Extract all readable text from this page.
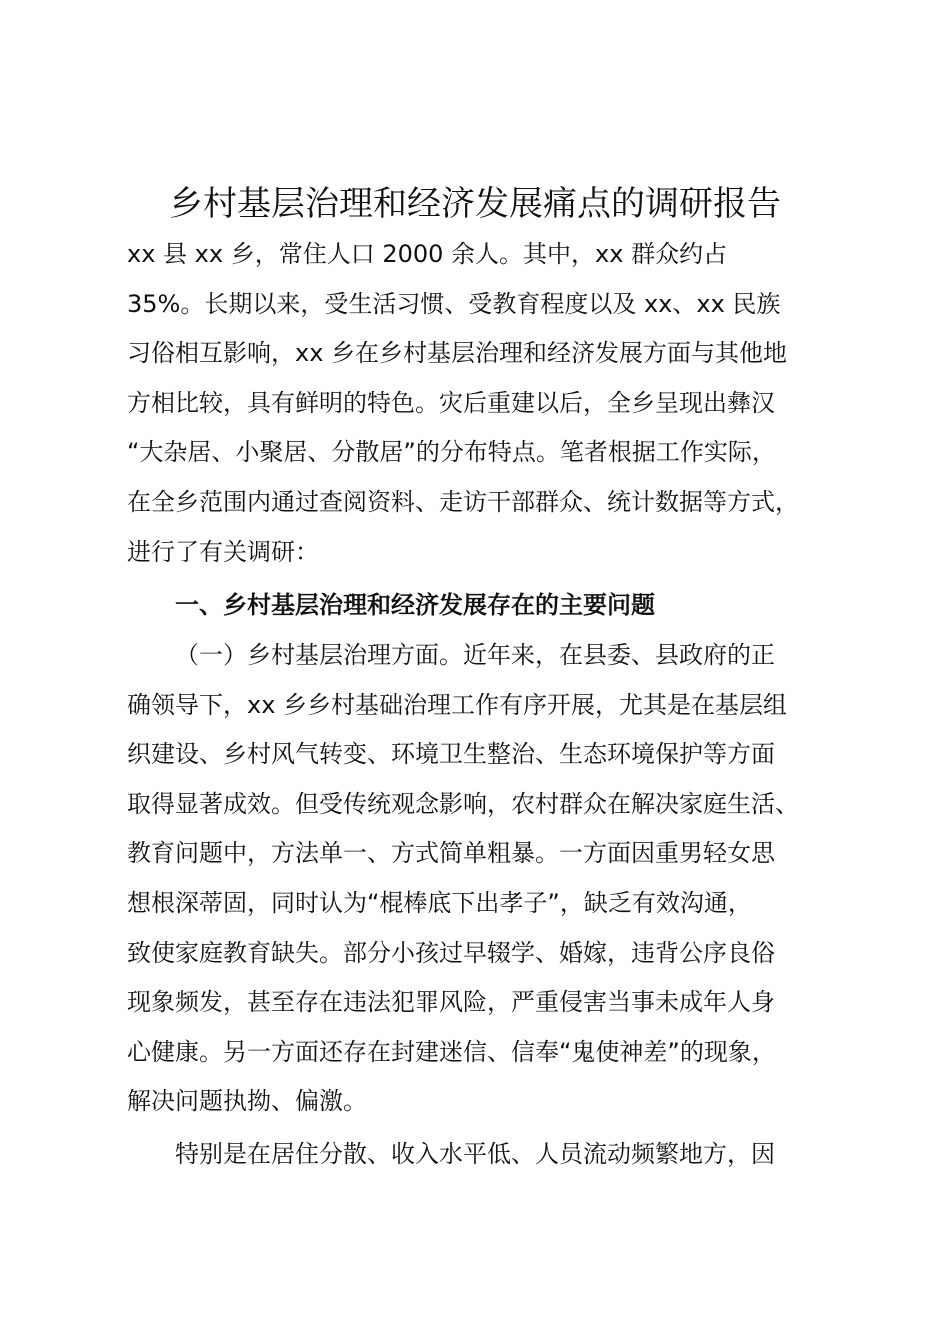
乡村基层治理和经济发展痛点的调研报告
xx 县 xx 乡，常住人口 2000 余人。其中，xx 群众约占
35%。长期以来，受生活习惯、受教育程度以及 xx、xx 民族
习俗相互影响，xx 乡在乡村基层治理和经济发展方面与其他地
方相比较，具有鲜明的特色。灾后重建以后，全乡呈现出彝汉
“大杂居、小聚居、分散居”的分布特点。笔者根据工作实际，
在全乡范围内通过查阅资料、走访干部群众、统计数据等方式，
进行了有关调研：
一、乡村基层治理和经济发展存在的主要问题
（一）乡村基层治理方面。近年来，在县委、县政府的正
确领导下，xx 乡乡村基础治理工作有序开展，尤其是在基层组
织建设、乡村风气转变、环境卫生整治、生态环境保护等方面
取得显著成效。但受传统观念影响，农村群众在解决家庭生活、
教育问题中，方法单一、方式简单粗暴。一方面因重男轻女思
想根深蒂固，同时认为“棍棒底下出孝子”，缺乏有效沟通，
致使家庭教育缺失。部分小孩过早辍学、婚嫁，违背公序良俗
现象频发，甚至存在违法犯罪风险，严重侵害当事未成年人身
心健康。另一方面还存在封建迷信、信奉“鬼使神差”的现象，
解决问题执拗、偏激。
特别是在居住分散、收入水平低、人员流动频繁地方，因
